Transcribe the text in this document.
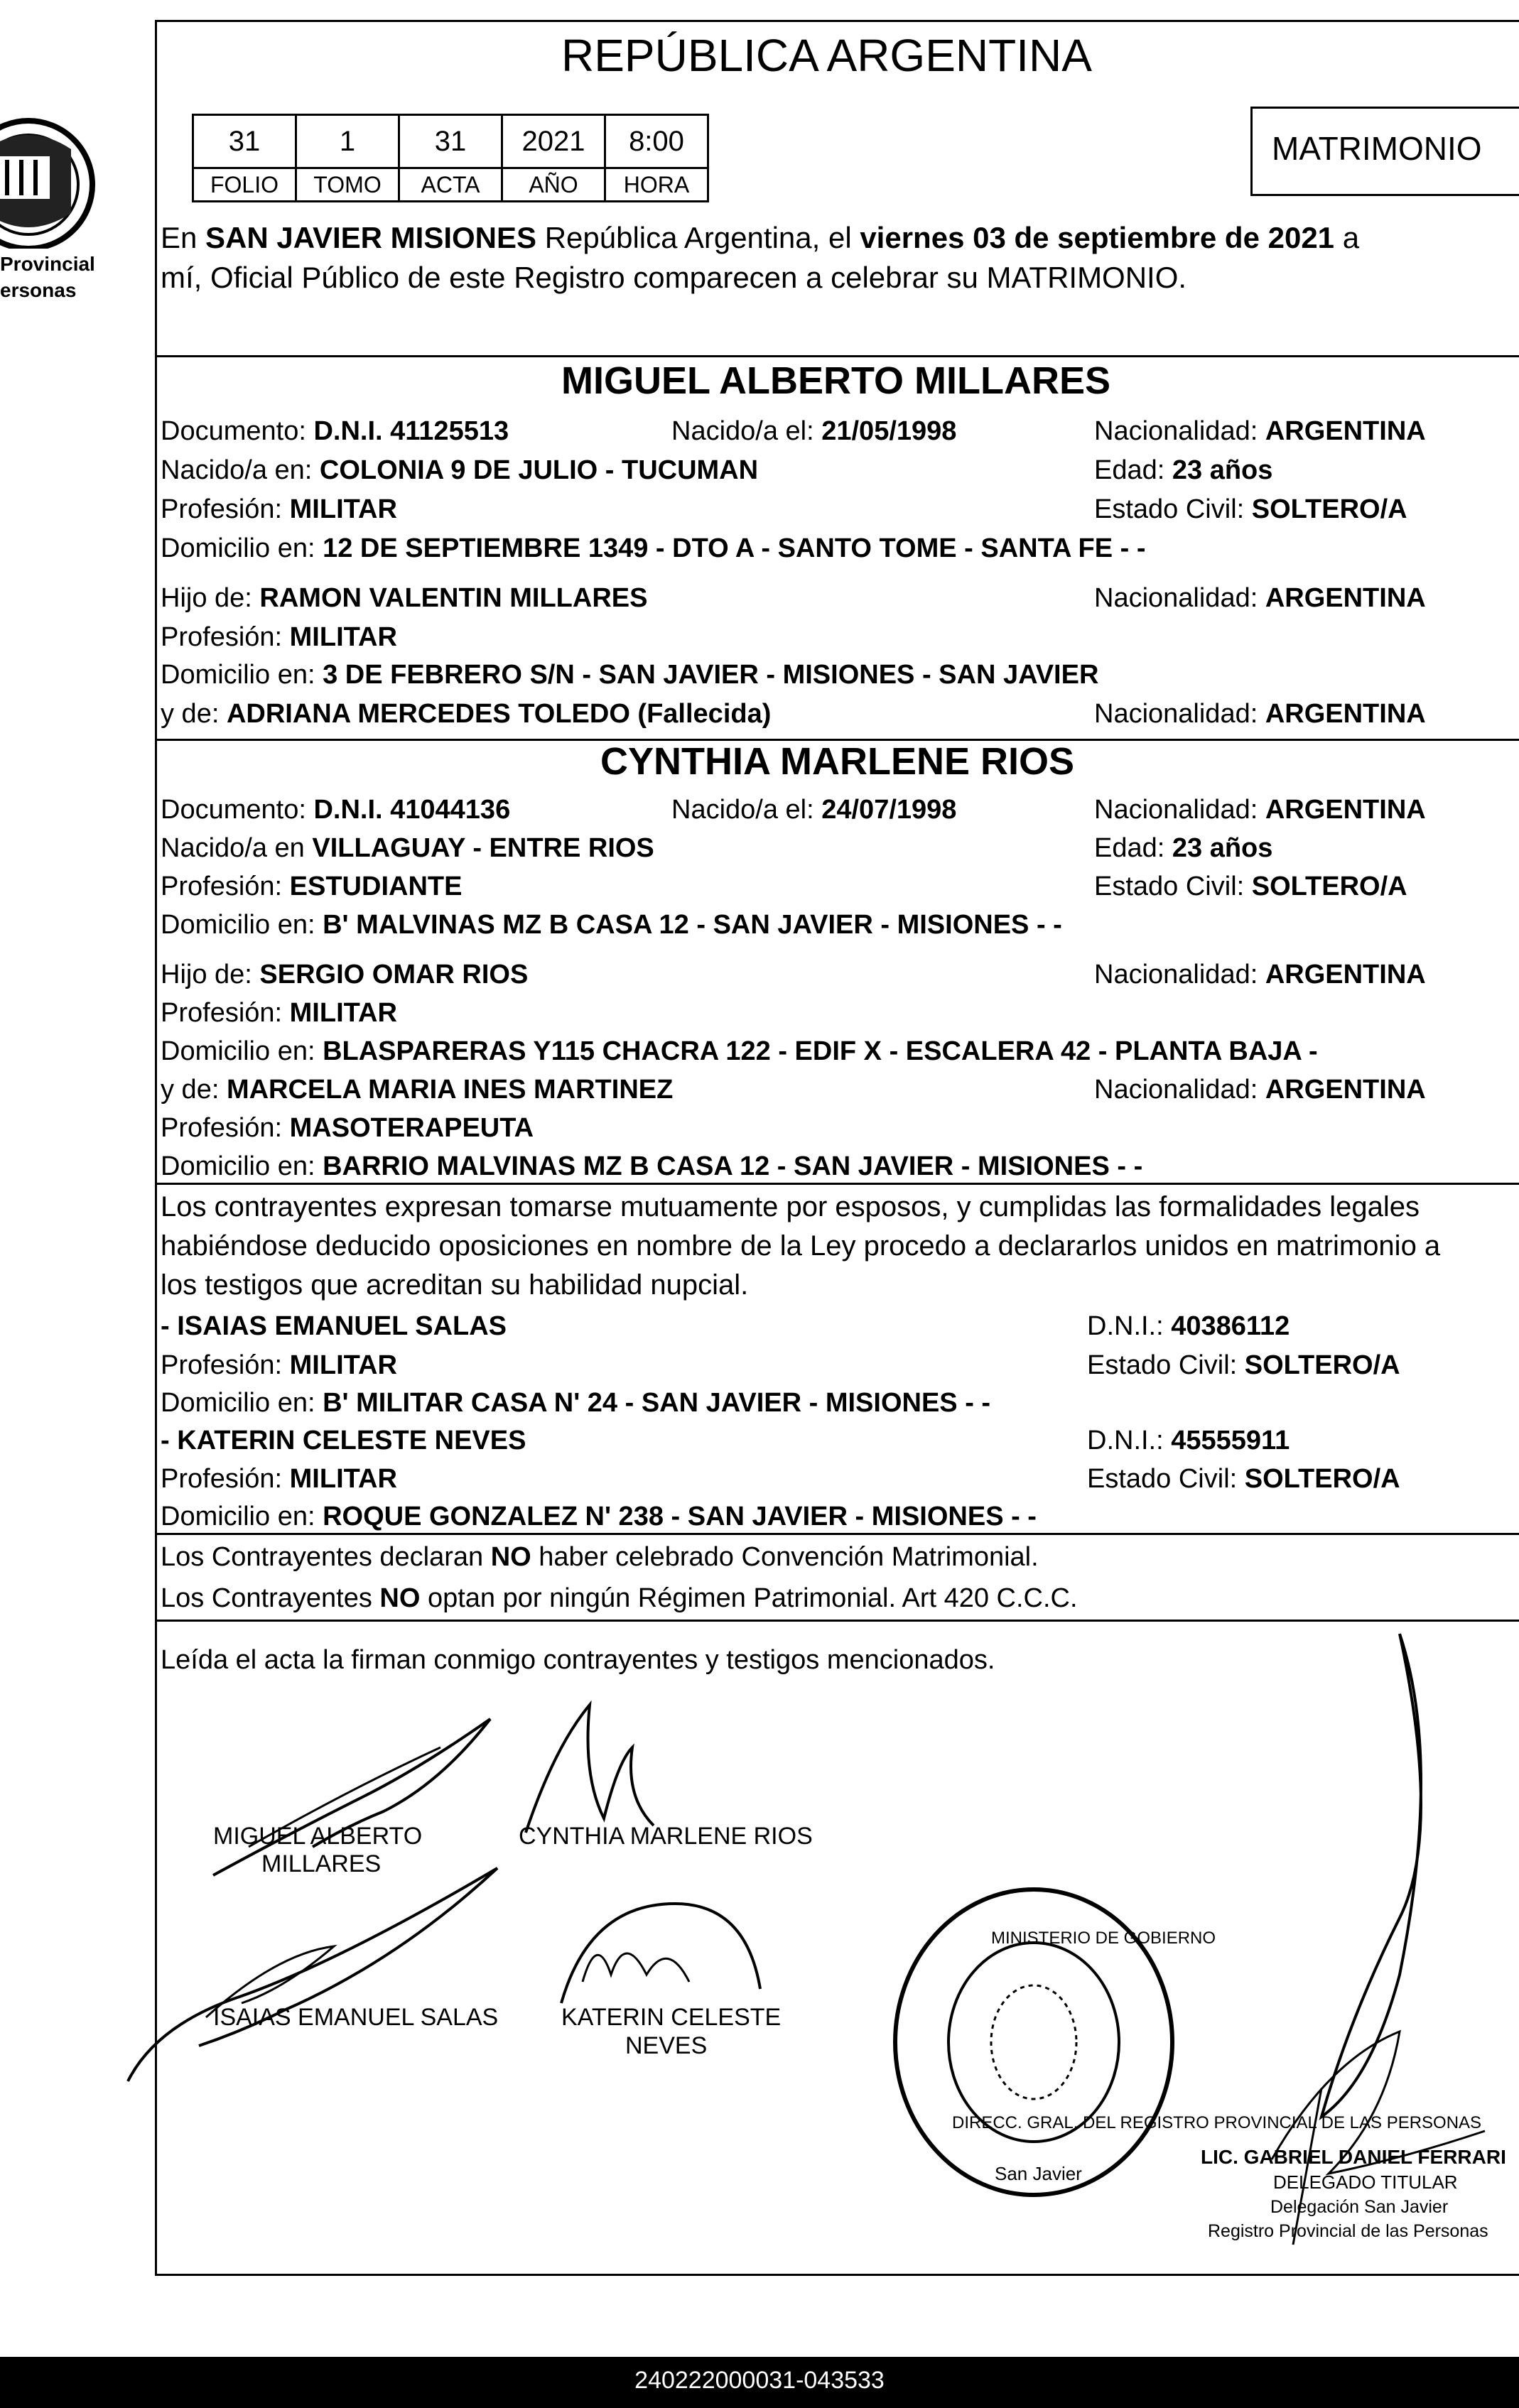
Provincial
ersonas
REPÚBLICA ARGENTINA
31	1	31	2021	8:00
FOLIO	TOMO	ACTA	AÑO	HORA
MATRIMONIO
En SAN JAVIER MISIONES República Argentina, el viernes 03 de septiembre de 2021 a
mí, Oficial Público de este Registro comparecen a celebrar su MATRIMONIO.
MIGUEL ALBERTO MILLARES
Documento: D.N.I. 41125513	Nacido/a el: 21/05/1998	Nacionalidad: ARGENTINA
Nacido/a en: COLONIA 9 DE JULIO - TUCUMAN	Edad: 23 años
Profesión: MILITAR	Estado Civil: SOLTERO/A
Domicilio en: 12 DE SEPTIEMBRE 1349 - DTO A - SANTO TOME - SANTA FE - -
Hijo de: RAMON VALENTIN MILLARES	Nacionalidad: ARGENTINA
Profesión: MILITAR
Domicilio en: 3 DE FEBRERO S/N - SAN JAVIER - MISIONES - SAN JAVIER
y de: ADRIANA MERCEDES TOLEDO (Fallecida)	Nacionalidad: ARGENTINA
CYNTHIA MARLENE RIOS
Documento: D.N.I. 41044136	Nacido/a el: 24/07/1998	Nacionalidad: ARGENTINA
Nacido/a en VILLAGUAY - ENTRE RIOS	Edad: 23 años
Profesión: ESTUDIANTE	Estado Civil: SOLTERO/A
Domicilio en: B' MALVINAS MZ B CASA 12 - SAN JAVIER - MISIONES - -
Hijo de: SERGIO OMAR RIOS	Nacionalidad: ARGENTINA
Profesión: MILITAR
Domicilio en: BLASPARERAS Y115 CHACRA 122 - EDIF X - ESCALERA 42 - PLANTA BAJA -
y de: MARCELA MARIA INES MARTINEZ	Nacionalidad: ARGENTINA
Profesión: MASOTERAPEUTA
Domicilio en: BARRIO MALVINAS MZ B CASA 12 - SAN JAVIER - MISIONES - -
Los contrayentes expresan tomarse mutuamente por esposos, y cumplidas las formalidades legales
habiéndose deducido oposiciones en nombre de la Ley procedo a declararlos unidos en matrimonio a
los testigos que acreditan su habilidad nupcial.
- ISAIAS EMANUEL SALAS	D.N.I.: 40386112
Profesión: MILITAR	Estado Civil: SOLTERO/A
Domicilio en: B' MILITAR CASA N' 24 - SAN JAVIER - MISIONES - -
- KATERIN CELESTE NEVES	D.N.I.: 45555911
Profesión: MILITAR	Estado Civil: SOLTERO/A
Domicilio en: ROQUE GONZALEZ N' 238 - SAN JAVIER - MISIONES - -
Los Contrayentes declaran NO haber celebrado Convención Matrimonial.
Los Contrayentes NO optan por ningún Régimen Patrimonial. Art 420 C.C.C.
Leída el acta la firman conmigo contrayentes y testigos mencionados.
MIGUEL ALBERTO
MILLARES
CYNTHIA MARLENE RIOS
ISAIAS EMANUEL SALAS	KATERIN CELESTE
NEVES
MINISTERIO DE GOBIERNO
DIRECC. GRAL. DEL REGISTRO PROVINCIAL DE LAS PERSONAS
San Javier
LIC. GABRIEL DANIEL FERRARI
DELEGADO TITULAR
Delegación San Javier
Registro Provincial de las Personas
240222000031-043533
